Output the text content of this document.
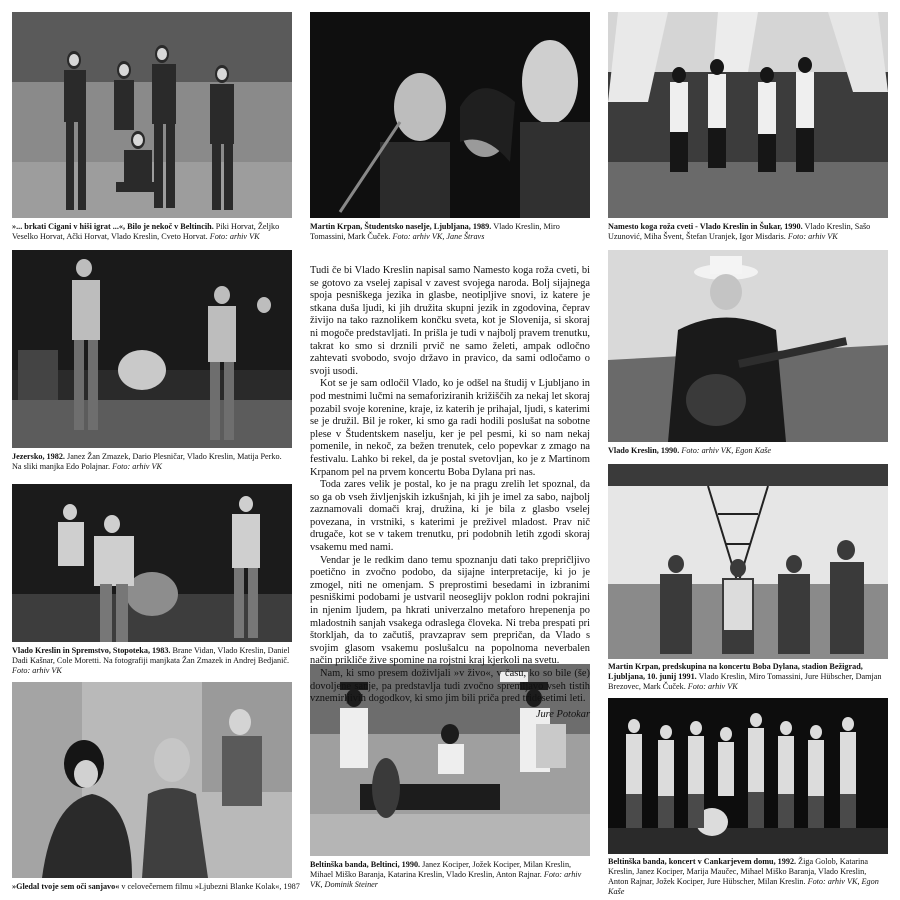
»... brkati Cigani v hiši igrat ...«, Bilo je nekoč v Beltincih. Piki Horvat, Željko Veselko Horvat, Ački Horvat, Vlado Kreslin, Cveto Horvat. Foto: arhiv VK
Martin Krpan, Študentsko naselje, Ljubljana, 1989. Vlado Kreslin, Miro Tomassini, Mark Čuček. Foto: arhiv VK, Jane Štravs
Namesto koga roža cveti - Vlado Kreslin in Šukar, 1990. Vlado Kreslin, Sašo Uzunović, Miha Švent, Štefan Uranjek, Igor Misdaris. Foto: arhiv VK
Jezersko, 1982. Janez Žan Zmazek, Dario Plesničar, Vlado Kreslin, Matija Perko. Na sliki manjka Edo Polajnar. Foto: arhiv VK
Vlado Kreslin, 1990. Foto: arhiv VK, Egon Kaše
Vlado Kreslin in Spremstvo, Stopoteka, 1983. Brane Vidan, Vlado Kreslin, Daniel Dadi Kašnar, Cole Moretti. Na fotografiji manjkata Žan Zmazek in Andrej Bedjanič. Foto: arhiv VK	Martin Krpan, predskupina na koncertu Boba Dylana, stadion Bežigrad, Ljubljana, 10. junij 1991. Vlado Kreslin, Miro Tomassini, Jure Hübscher, Damjan Brezovec, Mark Čuček. Foto: arhiv VK
»Gledal tvoje sem oči sanjavo« v celovečernem filmu »Ljubezni Blanke Kolak«, 1987
Beltinška banda, Beltinci, 1990. Janez Kociper, Jožek Kociper, Milan Kreslin, Mihael Miško Baranja, Katarina Kreslin, Vlado Kreslin, Anton Rajnar. Foto: arhiv VK, Dominik Steiner
Beltinška banda, koncert v Cankarjevem domu, 1992. Žiga Golob, Katarina Kreslin, Janez Kociper, Marija Maučec, Mihael Miško Baranja, Vlado Kreslin, Anton Rajnar, Jožek Kociper, Jure Hübscher, Milan Kreslin. Foto: arhiv VK, Egon Kaše

Tudi če bi Vlado Kreslin napisal samo Namesto koga roža cveti, bi se gotovo za vselej zapisal v zavest svojega naroda. Bolj sijajnega spoja pesniškega jezika in glasbe, neotipljive snovi, iz katere je stkana duša ljudi, ki jih družita skupni jezik in zgodovina, čeprav živijo na tako raznolikem končku sveta, kot je Slovenija, si skoraj ni mogoče predstavljati. In prišla je tudi v najbolj pravem trenutku, takrat ko smo si drznili prvič ne samo želeti, ampak odločno zahtevati svobodo, svojo državo in pravico, da sami odločamo o svoji usodi.

Kot se je sam odločil Vlado, ko je odšel na študij v Ljubljano in pod mestnimi lučmi na semaforiziranih križiščih za nekaj let skoraj pozabil svoje korenine, kraje, iz katerih je prihajal, ljudi, s katerimi se je družil. Bil je roker, ki smo ga radi hodili poslušat na sobotne plese v Študentskem naselju, ker je pel pesmi, ki so nam nekaj pomenile, in nekoč, za bežen trenutek, celo popevkar z zmago na festivalu. Lahko bi rekel, da je postal svetovljan, ko je z Martinom Krpanom pel na prvem koncertu Boba Dylana pri nas.

Toda zares velik je postal, ko je na pragu zrelih let spoznal, da so ga ob vseh življenjskih izkušnjah, ki jih je imel za sabo, najbolj zaznamovali domači kraj, družina, ki je bila z glasbo vselej povezana, in vrstniki, s katerimi je preživel mladost. Prav nič drugače, kot se v takem trenutku, pri podobnih letih zgodi skoraj vsakemu med nami.

Vendar je le redkim dano temu spoznanju dati tako prepričljivo poetično in zvočno podobo, da sijajne interpretacije, ki jo je zmogel, niti ne omenjam. S preprostimi besedami in izbranimi pesniškimi podobami je ustvaril neoseglijv poklon rodni pokrajini in njenim ljudem, pa hkrati univerzalno metaforo hrepenenja po mladostnih sanjah vsakega odraslega človeka. Ni treba prespati pri štorkljah, da to začutiš, pravzaprav sem prepričan, da Vlado s svojim glasom vsakemu poslušalcu na popolnoma neverbalen način prikliče žive spomine na rojstni kraj kjerkoli na svetu.

Nam, ki smo presem doživljali »v živo«, v času, ko so bile (še) dovoljene sanje, pa predstavlja tudi zvočno spremljavo vseh tistih vznemirljivih dogodkov, ki smo jim bili priča pred tridesetimi leti.

Jure Potokar
